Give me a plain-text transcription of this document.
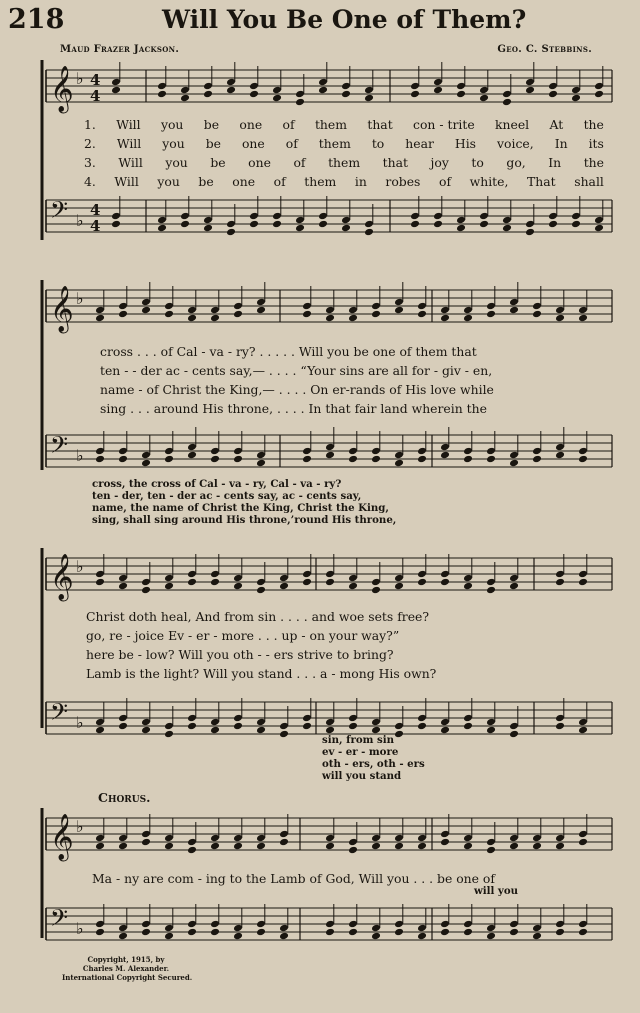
218	Will You Be One of Them?
Maud Frazer Jackson.	Geo. C. Stebbins.
𝄞 ♭ 4
4
1. Will you be one of them that con - trite kneel At the
2. Will you be one of them to hear His voice, In its
3. Will you be one of them that joy to go, In the
4. Will you be one of them in robes of white, That shall
𝄢 ♭
4
4
𝄞 ♭
cross . . . of Cal - va - ry? . . . . . Will you be one of them that
ten - - der ac - cents say,— . . . . “Your sins are all for - giv - en,
name - of Christ the King,— . . . . On er-rands of His love while
sing . . . around His throne, . . . . In that fair land wherein the
𝄢 ♭
cross, the cross of Cal - va - ry, Cal - va - ry?
ten - der, ten - der ac - cents say, ac - cents say,
name, the name of Christ the King, Christ the King,
sing, shall sing around His throne,’round His throne,
𝄞 ♭
Christ doth heal, And from sin . . . . and woe sets free?
go, re - joice Ev - er - more . . . up - on your way?”
here be - low? Will you oth - - ers strive to bring?
Lamb is the light? Will you stand . . . a - mong His own?
𝄢 ♭
sin, from sin
ev - er - more
oth - ers, oth - ers
will you stand
Chorus.
𝄞 ♭
Ma - ny are com - ing to the Lamb of God, Will you . . . be one of
will you
𝄢 ♭
Copyright, 1915, by
Charles M. Alexander.
International Copyright Secured.
